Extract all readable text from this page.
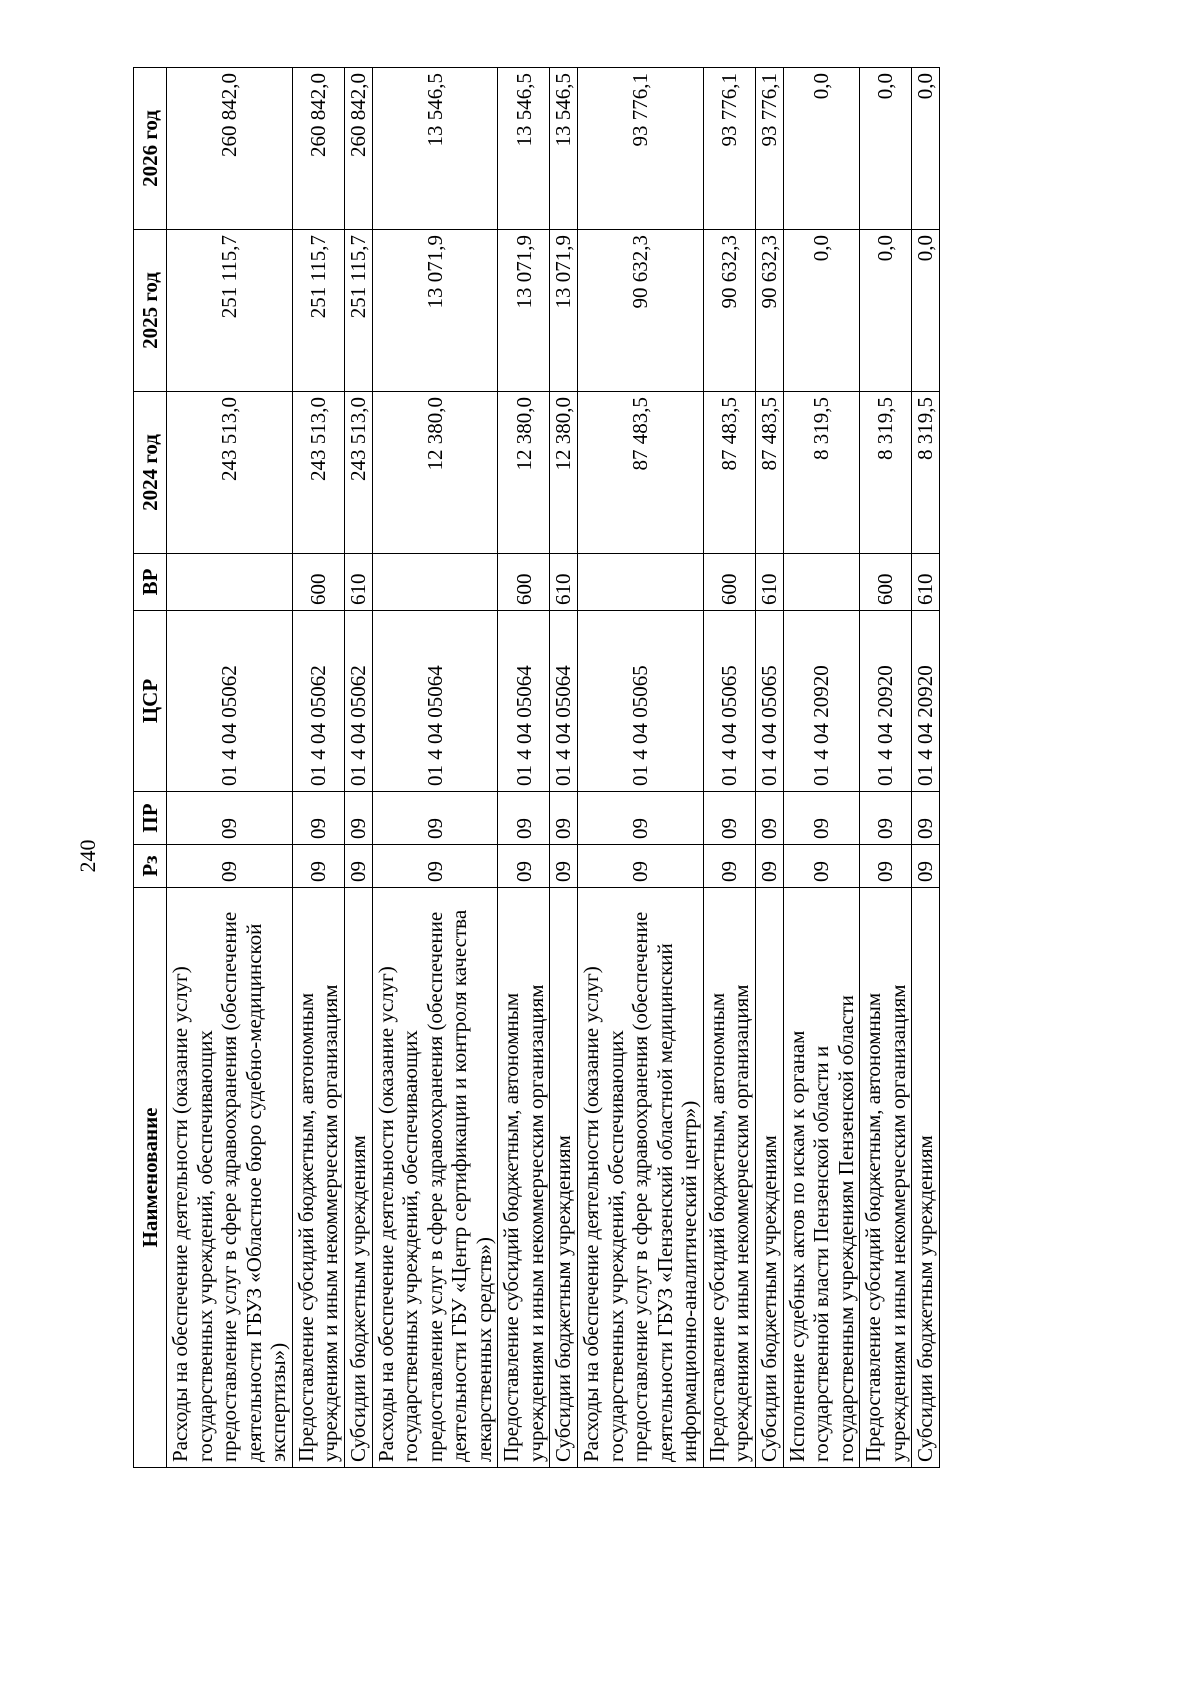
240
Наименование	Рз	ПР	ЦСР	ВР	2024 год	2025 год	2026 год
Расходы на обеспечение деятельности (оказание услуг) государственных учреждений, обеспечивающих предоставление услуг в сфере здравоохранения (обеспечение деятельности ГБУЗ «Областное бюро судебно-медицинской экспертизы»)	09	09	01 4 04 05062		243 513,0	251 115,7	260 842,0
Предоставление субсидий бюджетным, автономным учреждениям и иным некоммерческим организациям	09	09	01 4 04 05062	600	243 513,0	251 115,7	260 842,0
Субсидии бюджетным учреждениям	09	09	01 4 04 05062	610	243 513,0	251 115,7	260 842,0
Расходы на обеспечение деятельности (оказание услуг) государственных учреждений, обеспечивающих предоставление услуг в сфере здравоохранения (обеспечение деятельности ГБУ «Центр сертификации и контроля качества лекарственных средств»)	09	09	01 4 04 05064		12 380,0	13 071,9	13 546,5
Предоставление субсидий бюджетным, автономным учреждениям и иным некоммерческим организациям	09	09	01 4 04 05064	600	12 380,0	13 071,9	13 546,5
Субсидии бюджетным учреждениям	09	09	01 4 04 05064	610	12 380,0	13 071,9	13 546,5
Расходы на обеспечение деятельности (оказание услуг) государственных учреждений, обеспечивающих предоставление услуг в сфере здравоохранения (обеспечение деятельности ГБУЗ «Пензенский областной медицинский информационно-аналитический центр»)	09	09	01 4 04 05065		87 483,5	90 632,3	93 776,1
Предоставление субсидий бюджетным, автономным учреждениям и иным некоммерческим организациям	09	09	01 4 04 05065	600	87 483,5	90 632,3	93 776,1
Субсидии бюджетным учреждениям	09	09	01 4 04 05065	610	87 483,5	90 632,3	93 776,1
Исполнение судебных актов по искам к органам государственной власти Пензенской области и государственным учреждениям Пензенской области	09	09	01 4 04 20920		8 319,5	0,0	0,0
Предоставление субсидий бюджетным, автономным учреждениям и иным некоммерческим организациям	09	09	01 4 04 20920	600	8 319,5	0,0	0,0
Субсидии бюджетным учреждениям	09	09	01 4 04 20920	610	8 319,5	0,0	0,0
